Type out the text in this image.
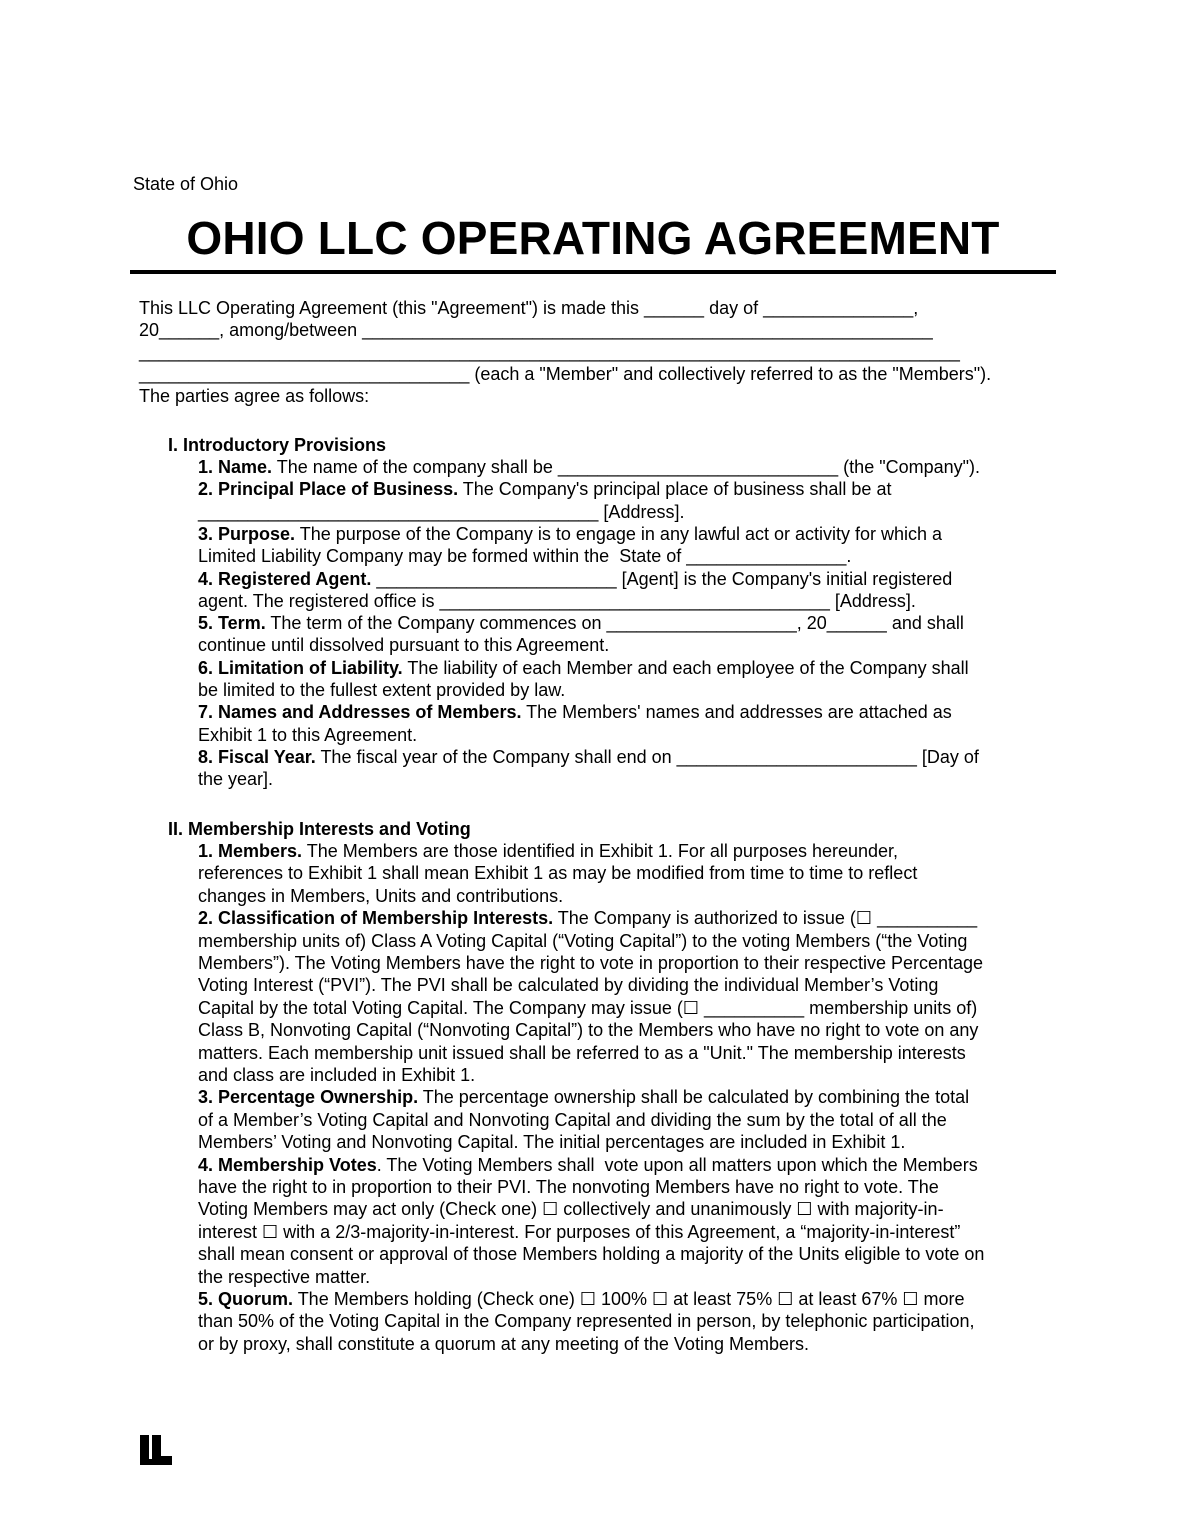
State of Ohio
OHIO LLC OPERATING AGREEMENT
This LLC Operating Agreement (this "Agreement") is made this ______ day of _______________,
20______, among/between _________________________________________________________
__________________________________________________________________________________
_________________________________ (each a "Member" and collectively referred to as the "Members").
The parties agree as follows:
I. Introductory Provisions
1. Name. The name of the company shall be ____________________________ (the "Company").
2. Principal Place of Business. The Company's principal place of business shall be at
________________________________________ [Address].
3. Purpose. The purpose of the Company is to engage in any lawful act or activity for which a
Limited Liability Company may be formed within the  State of ________________.
4. Registered Agent. ________________________ [Agent] is the Company's initial registered
agent. The registered office is _______________________________________ [Address].
5. Term. The term of the Company commences on ___________________, 20______ and shall
continue until dissolved pursuant to this Agreement.
6. Limitation of Liability. The liability of each Member and each employee of the Company shall
be limited to the fullest extent provided by law.
7. Names and Addresses of Members. The Members' names and addresses are attached as
Exhibit 1 to this Agreement.
8. Fiscal Year. The fiscal year of the Company shall end on ________________________ [Day of
the year].
II. Membership Interests and Voting
1. Members. The Members are those identified in Exhibit 1. For all purposes hereunder,
references to Exhibit 1 shall mean Exhibit 1 as may be modified from time to time to reflect
changes in Members, Units and contributions.
2. Classification of Membership Interests. The Company is authorized to issue (☐ __________
membership units of) Class A Voting Capital (“Voting Capital”) to the voting Members (“the Voting
Members”). The Voting Members have the right to vote in proportion to their respective Percentage
Voting Interest (“PVI”). The PVI shall be calculated by dividing the individual Member’s Voting
Capital by the total Voting Capital. The Company may issue (☐ __________ membership units of)
Class B, Nonvoting Capital (“Nonvoting Capital”) to the Members who have no right to vote on any
matters. Each membership unit issued shall be referred to as a "Unit." The membership interests
and class are included in Exhibit 1.
3. Percentage Ownership. The percentage ownership shall be calculated by combining the total
of a Member’s Voting Capital and Nonvoting Capital and dividing the sum by the total of all the
Members’ Voting and Nonvoting Capital. The initial percentages are included in Exhibit 1.
4. Membership Votes. The Voting Members shall  vote upon all matters upon which the Members
have the right to in proportion to their PVI. The nonvoting Members have no right to vote. The
Voting Members may act only (Check one) ☐ collectively and unanimously ☐ with majority-in-
interest ☐ with a 2/3-majority-in-interest. For purposes of this Agreement, a “majority-in-interest”
shall mean consent or approval of those Members holding a majority of the Units eligible to vote on
the respective matter.
5. Quorum. The Members holding (Check one) ☐ 100% ☐ at least 75% ☐ at least 67% ☐ more
than 50% of the Voting Capital in the Company represented in person, by telephonic participation,
or by proxy, shall constitute a quorum at any meeting of the Voting Members.
